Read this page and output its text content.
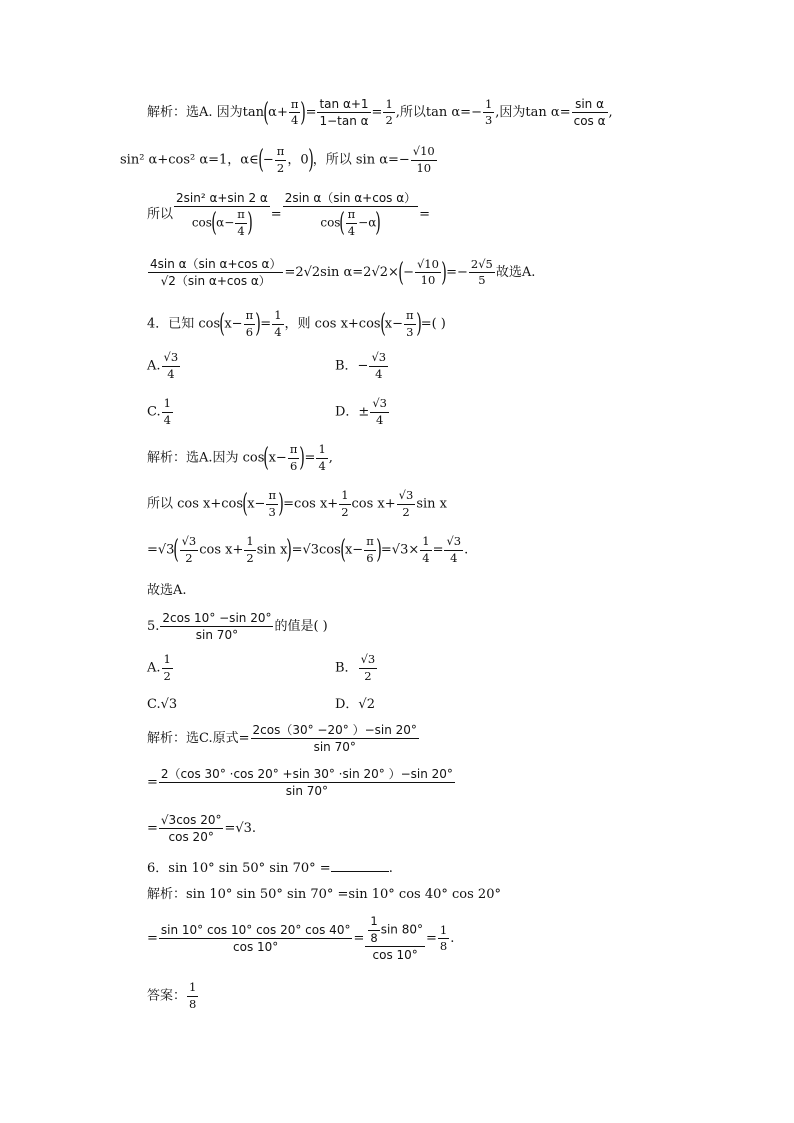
解析：选A. 因为$\tan(\alpha+ \frac{\pi}{4}$ )= $\frac{\text{tan α+1}}{\text{1−tan α}} = \frac{1}{2}$ ,所以$\tan \alpha=- \frac{1}{3}$ ,因为$\tan \alpha= \frac{\text{sin α}}{\text{cos α}}$ ,
sin² α+cos² α=1，α∈(− $\frac{\pi}{2}$ ，0)，所以 $\sin \alpha=- \frac{√10}{10}$
所以 $\frac{\text{2sin² α+sin 2 α}}{\cos(\alpha- \frac{\pi}{4} )} = \frac{\text{2sin α（sin α+cos α）}}{\cos( \frac{\pi}{4} -\alpha)}$ =
$\frac{\text{4sin α（sin α+cos α）}}{\text{√2（sin α+cos α）}} =2√2\sin$ $\alpha=2√2\times(- \frac{√10}{10}$ )=− $\frac{2√5}{5}$ 故选A.
4．已知 $\cos(x- \frac{\pi}{6}$ )= $\frac{1}{4}$ ，则 $\cos x+\cos(x- \frac{\pi}{3}$ )=( )
A. $\frac{√3}{4}$	B．− $\frac{√3}{4}$
C. $\frac{1}{4}$	D．± $\frac{√3}{4}$
解析：选A.因为 $\cos(x- \frac{\pi}{6}$ )= $\frac{1}{4}$ ,
所以 $\cos x+\cos(x- \frac{\pi}{3} )=\cos$ $x+ \frac{1}{2}$ $\cos x+ \frac{√3}{2}$ sin x
$=√3( \frac{√3}{2}$ $\cos x+ \frac{1}{2}$ $\sin x)=√3\cos(x- \frac{\pi}{6} )=√3\times \frac{1}{4} = \frac{√3}{4}$ .
故选A.
5. $\frac{2\cos 10^\circ -\sin 20^\circ}{\sin 70^\circ}$ 的值是( )
A. $\frac{1}{2}$	B． $\frac{√3}{2}$
C.√3	D．√2
解析：选C.原式= $\frac{2\cos(30^\circ -20^\circ )-\sin 20^\circ}{\sin 70^\circ}$
=
2（cos 30° ·cos 20° +sin 30° ·sin 20° ）−sin 20°
sin 70°
= $\frac{√3\cos 20^\circ}{\cos 20^\circ} =√3$.
6．sin 10° sin 50° sin 70° =	.
解析：sin 10° sin 50° sin 70° =sin 10° cos 40° cos 20°
= $\frac{\sin 10^\circ \cos 10^\circ \cos 20^\circ \cos 40^\circ}{\cos 10^\circ} = \frac{\frac{1}{8} \sin 80^\circ}{\cos 10^\circ} = \frac{1}{8}$ .
答案： $\frac{1}{8}$
